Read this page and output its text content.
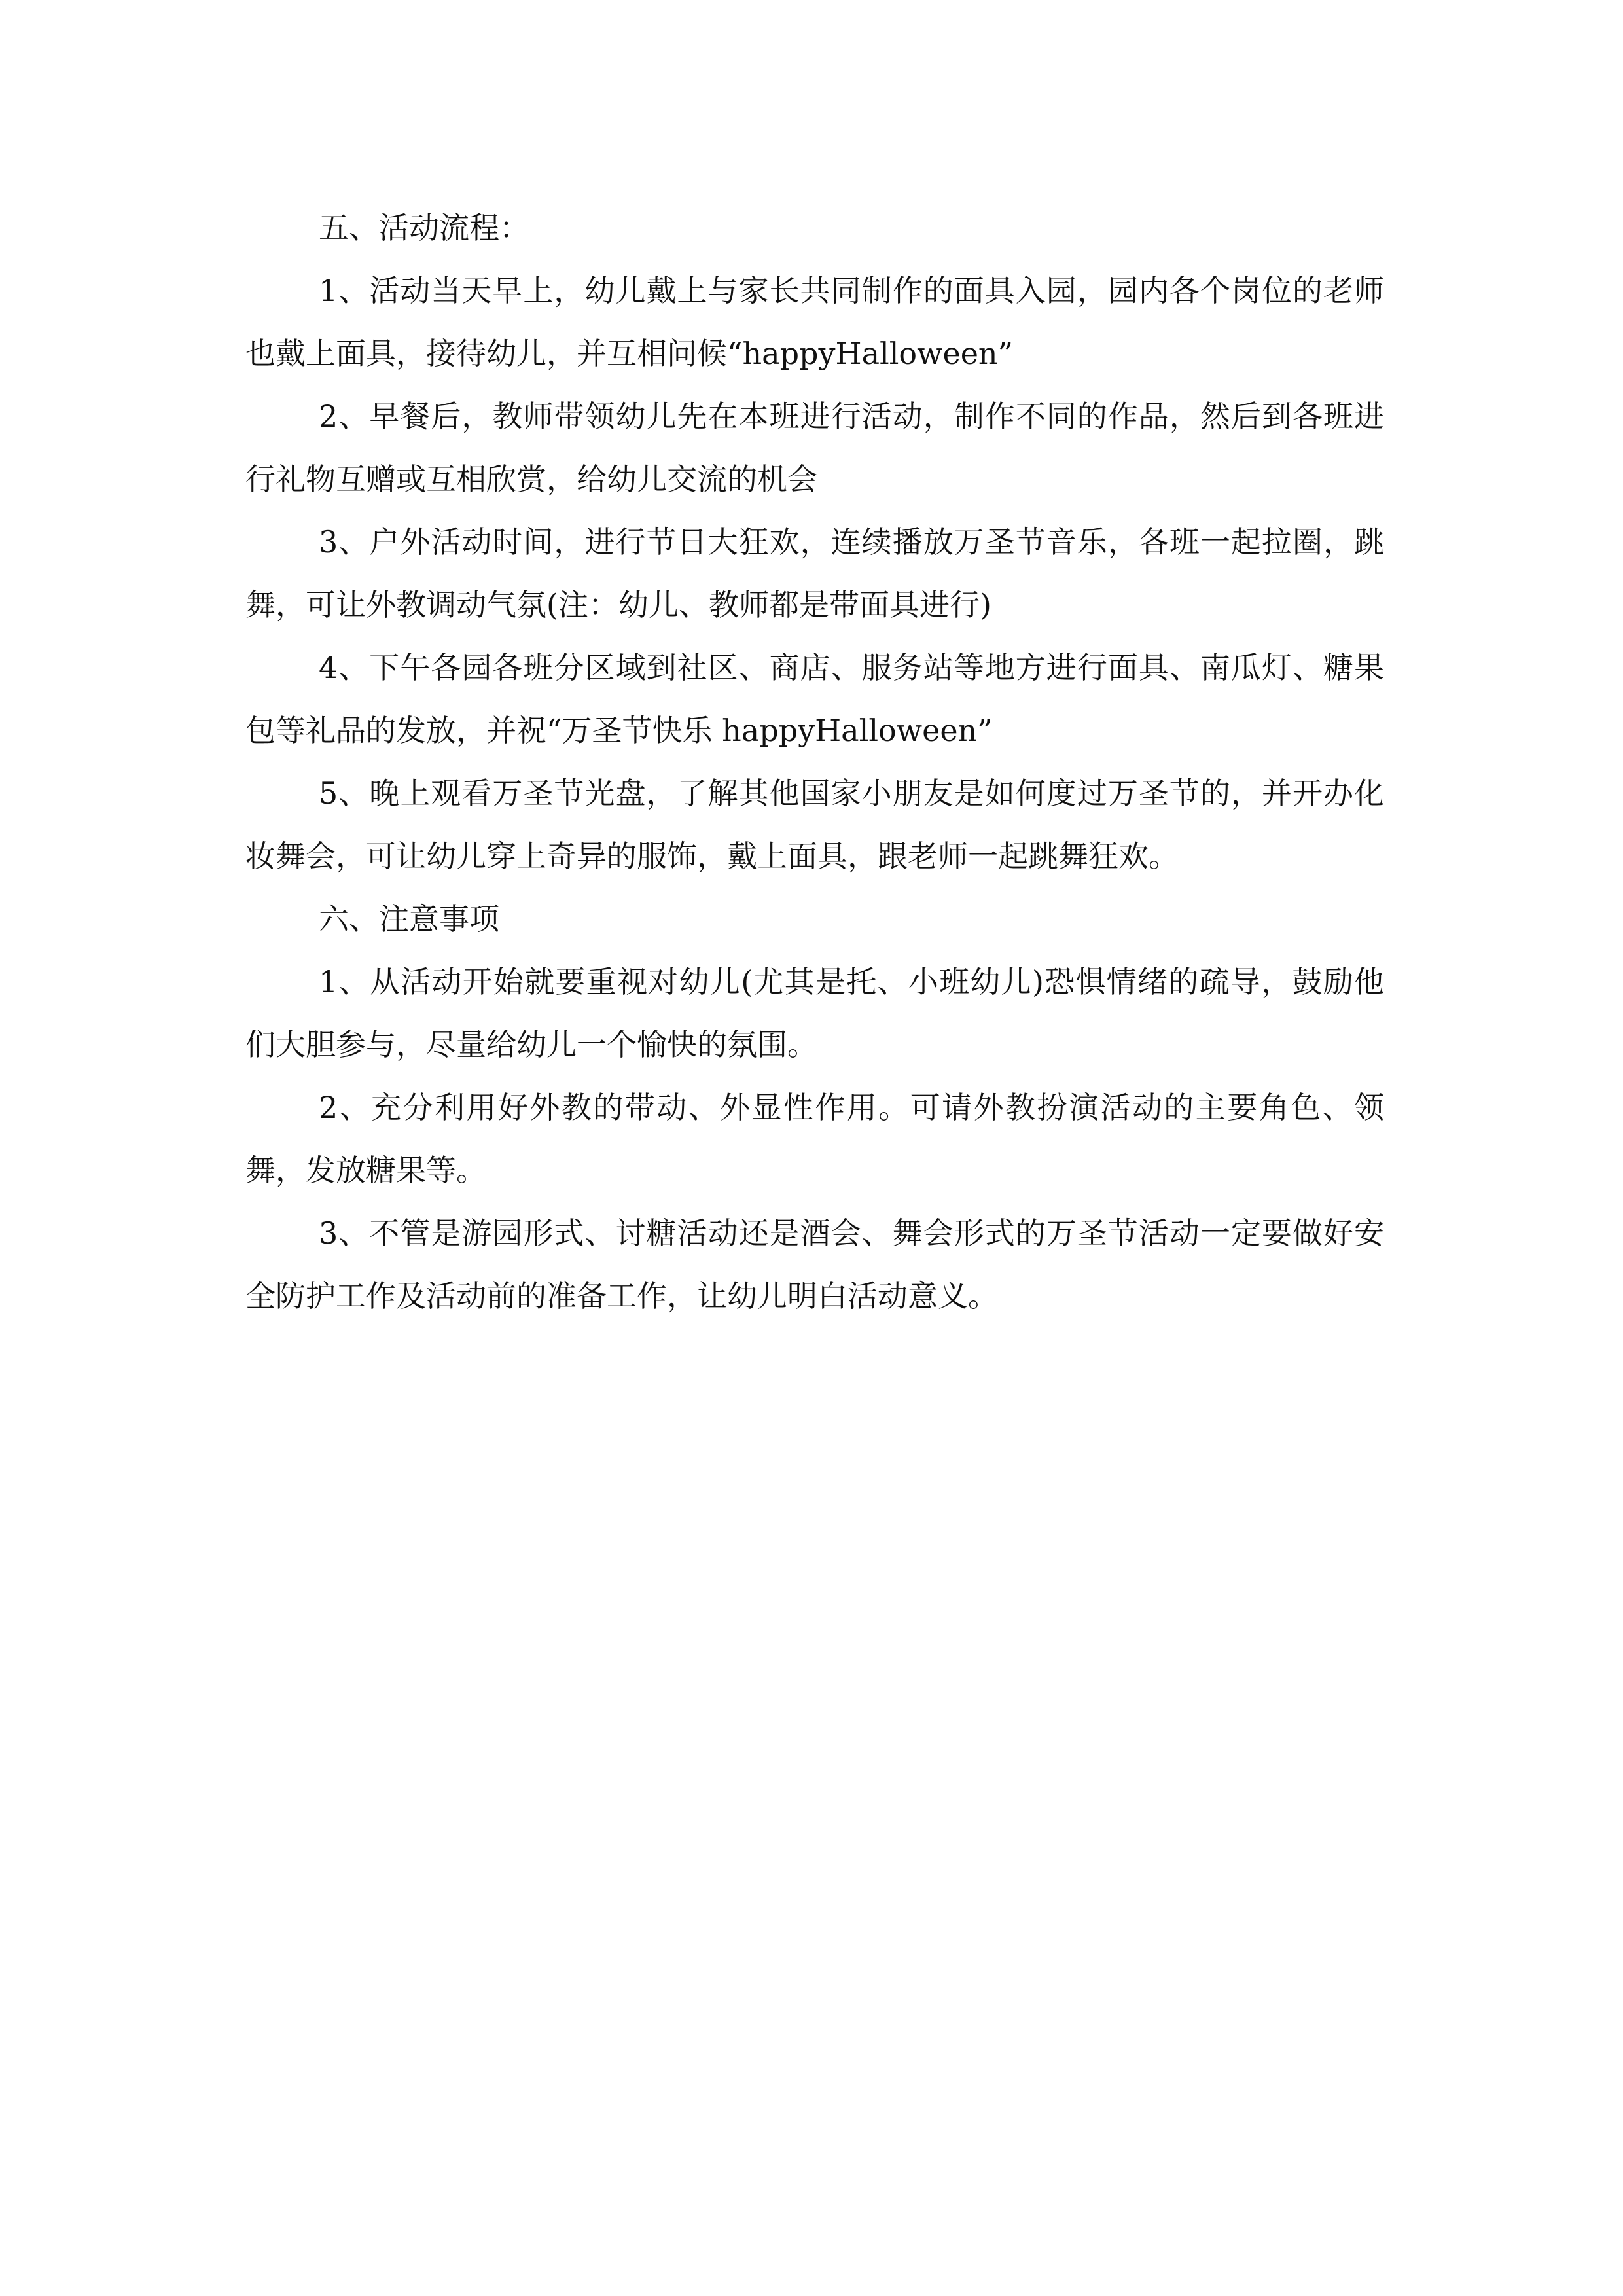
五、活动流程：

1、活动当天早上，幼儿戴上与家长共同制作的面具入园，园内各个岗位的老师也戴上面具，接待幼儿，并互相问候“happyHalloween”

2、早餐后，教师带领幼儿先在本班进行活动，制作不同的作品，然后到各班进行礼物互赠或互相欣赏，给幼儿交流的机会

3、户外活动时间，进行节日大狂欢，连续播放万圣节音乐，各班一起拉圈，跳舞，可让外教调动气氛(注：幼儿、教师都是带面具进行)

4、下午各园各班分区域到社区、商店、服务站等地方进行面具、南瓜灯、糖果包等礼品的发放，并祝“万圣节快乐 happyHalloween”

5、晚上观看万圣节光盘，了解其他国家小朋友是如何度过万圣节的，并开办化妆舞会，可让幼儿穿上奇异的服饰，戴上面具，跟老师一起跳舞狂欢。

六、注意事项

1、从活动开始就要重视对幼儿(尤其是托、小班幼儿)恐惧情绪的疏导，鼓励他们大胆参与，尽量给幼儿一个愉快的氛围。

2、充分利用好外教的带动、外显性作用。可请外教扮演活动的主要角色、领舞，发放糖果等。

3、不管是游园形式、讨糖活动还是酒会、舞会形式的万圣节活动一定要做好安全防护工作及活动前的准备工作，让幼儿明白活动意义。
